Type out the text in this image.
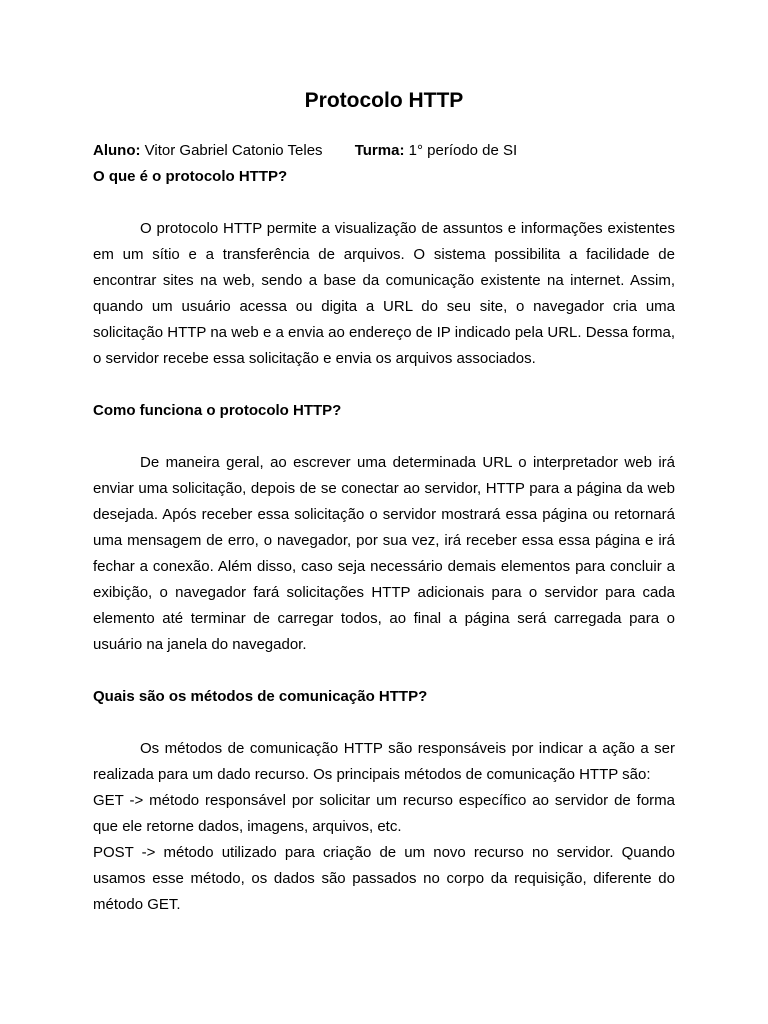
Protocolo HTTP
Aluno: Vitor Gabriel Catonio Teles Turma: 1° período de SI
O que é o protocolo HTTP?

O protocolo HTTP permite a visualização de assuntos e informações existentes em um sítio e a transferência de arquivos. O sistema possibilita a facilidade de encontrar sites na web, sendo a base da comunicação existente na internet. Assim, quando um usuário acessa ou digita a URL do seu site, o navegador cria uma solicitação HTTP na web e a envia ao endereço de IP indicado pela URL. Dessa forma, o servidor recebe essa solicitação e envia os arquivos associados.

Como funciona o protocolo HTTP?

De maneira geral, ao escrever uma determinada URL o interpretador web irá enviar uma solicitação, depois de se conectar ao servidor, HTTP para a página da web desejada. Após receber essa solicitação o servidor mostrará essa página ou retornará uma mensagem de erro, o navegador, por sua vez, irá receber essa essa página e irá fechar a conexão. Além disso, caso seja necessário demais elementos para concluir a exibição, o navegador fará solicitações HTTP adicionais para o servidor para cada elemento até terminar de carregar todos, ao final a página será carregada para o usuário na janela do navegador.

Quais são os métodos de comunicação HTTP?

Os métodos de comunicação HTTP são responsáveis por indicar a ação a ser realizada para um dado recurso. Os principais métodos de comunicação HTTP são:

GET -> método responsável por solicitar um recurso específico ao servidor de forma que ele retorne dados, imagens, arquivos, etc.

POST -> método utilizado para criação de um novo recurso no servidor. Quando usamos esse método, os dados são passados no corpo da requisição, diferente do método GET.
